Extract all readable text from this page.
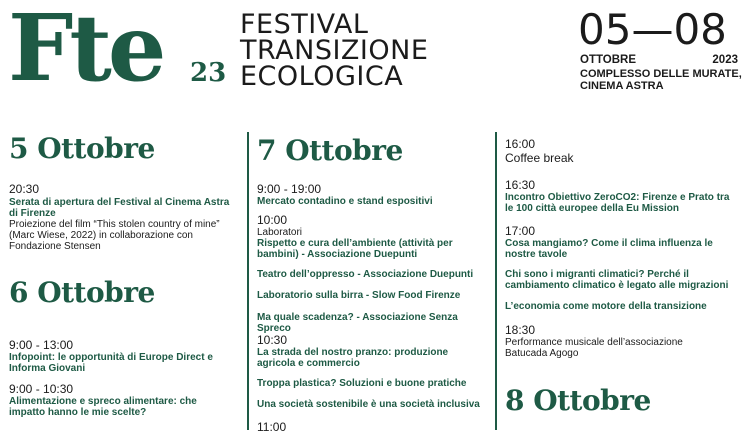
Fte 23
FESTIVAL
TRANSIZIONE
ECOLOGICA
05—08
OTTOBRE	2023
COMPLESSO DELLE MURATE,
CINEMA ASTRA
5 Ottobre
20:30
Serata di apertura del Festival al Cinema Astra
di Firenze
Proiezione del film “This stolen country of mine”
(Marc Wiese, 2022) in collaborazione con
Fondazione Stensen
6 Ottobre
9:00 - 13:00
Infopoint: le opportunità di Europe Direct e
Informa Giovani
9:00 - 10:30
Alimentazione e spreco alimentare: che
impatto hanno le mie scelte?
7 Ottobre
9:00 - 19:00
Mercato contadino e stand espositivi
10:00
Laboratori
Rispetto e cura dell’ambiente (attività per
bambini) - Associazione Duepunti
Teatro dell’oppresso - Associazione Duepunti
Laboratorio sulla birra - Slow Food Firenze
Ma quale scadenza? - Associazione Senza Spreco
10:30
La strada del nostro pranzo: produzione
agricola e commercio
Troppa plastica? Soluzioni e buone pratiche
Una società sostenibile è una società inclusiva
11:00
16:00
Coffee break
16:30
Incontro Obiettivo ZeroCO2: Firenze e Prato tra
le 100 città europee della Eu Mission
17:00
Cosa mangiamo? Come il clima influenza le
nostre tavole
Chi sono i migranti climatici? Perché il
cambiamento climatico è legato alle migrazioni
L’economia come motore della transizione
18:30
Performance musicale dell’associazione
Batucada Agogo
8 Ottobre
